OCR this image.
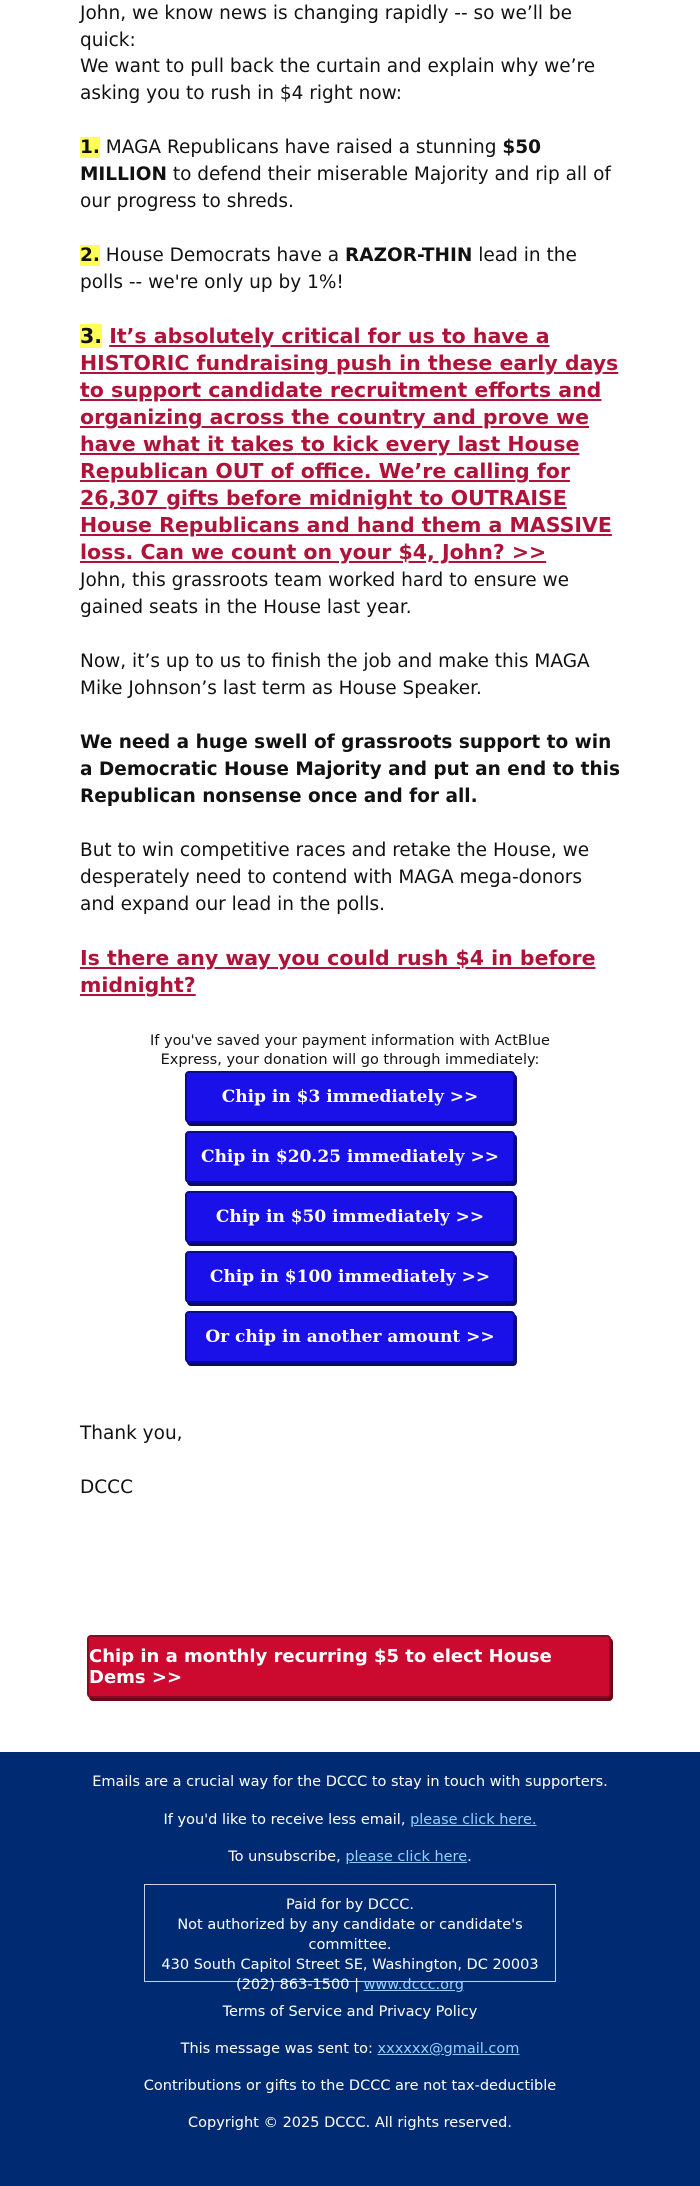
John, we know news is changing rapidly -- so we’ll be quick:

We want to pull back the curtain and explain why we’re asking you to rush in $4 right now:

1. MAGA Republicans have raised a stunning $50 MILLION to defend their miserable Majority and rip all of our progress to shreds.

2. House Democrats have a RAZOR-THIN lead in the polls -- we're only up by 1%!

3. It’s absolutely critical for us to have a HISTORIC fundraising push in these early days to support candidate recruitment efforts and organizing across the country and prove we have what it takes to kick every last House Republican OUT of office. We’re calling for 26,307 gifts before midnight to OUTRAISE House Republicans and hand them a MASSIVE loss. Can we count on your $4, John? >>

John, this grassroots team worked hard to ensure we gained seats in the House last year.

Now, it’s up to us to finish the job and make this MAGA Mike Johnson’s last term as House Speaker.

We need a huge swell of grassroots support to win a Democratic House Majority and put an end to this Republican nonsense once and for all.

But to win competitive races and retake the House, we desperately need to contend with MAGA mega-donors and expand our lead in the polls.

Is there any way you could rush $4 in before midnight?

If you've saved your payment information with ActBlue Express, your donation will go through immediately:

Chip in $3 immediately >>
Chip in $20.25 immediately >>
Chip in $50 immediately >>
Chip in $100 immediately >>
Or chip in another amount >>

Thank you,

DCCC

Chip in a monthly recurring $5 to elect House Dems >>
Emails are a crucial way for the DCCC to stay in touch with supporters.
If you'd like to receive less email, please click here.
To unsubscribe, please click here.
Paid for by DCCC.
Not authorized by any candidate or candidate's committee.
430 South Capitol Street SE, Washington, DC 20003
(202) 863-1500 | www.dccc.org
Terms of Service and Privacy Policy
This message was sent to: xxxxxx@gmail.com
Contributions or gifts to the DCCC are not tax-deductible
Copyright © 2025 DCCC. All rights reserved.
